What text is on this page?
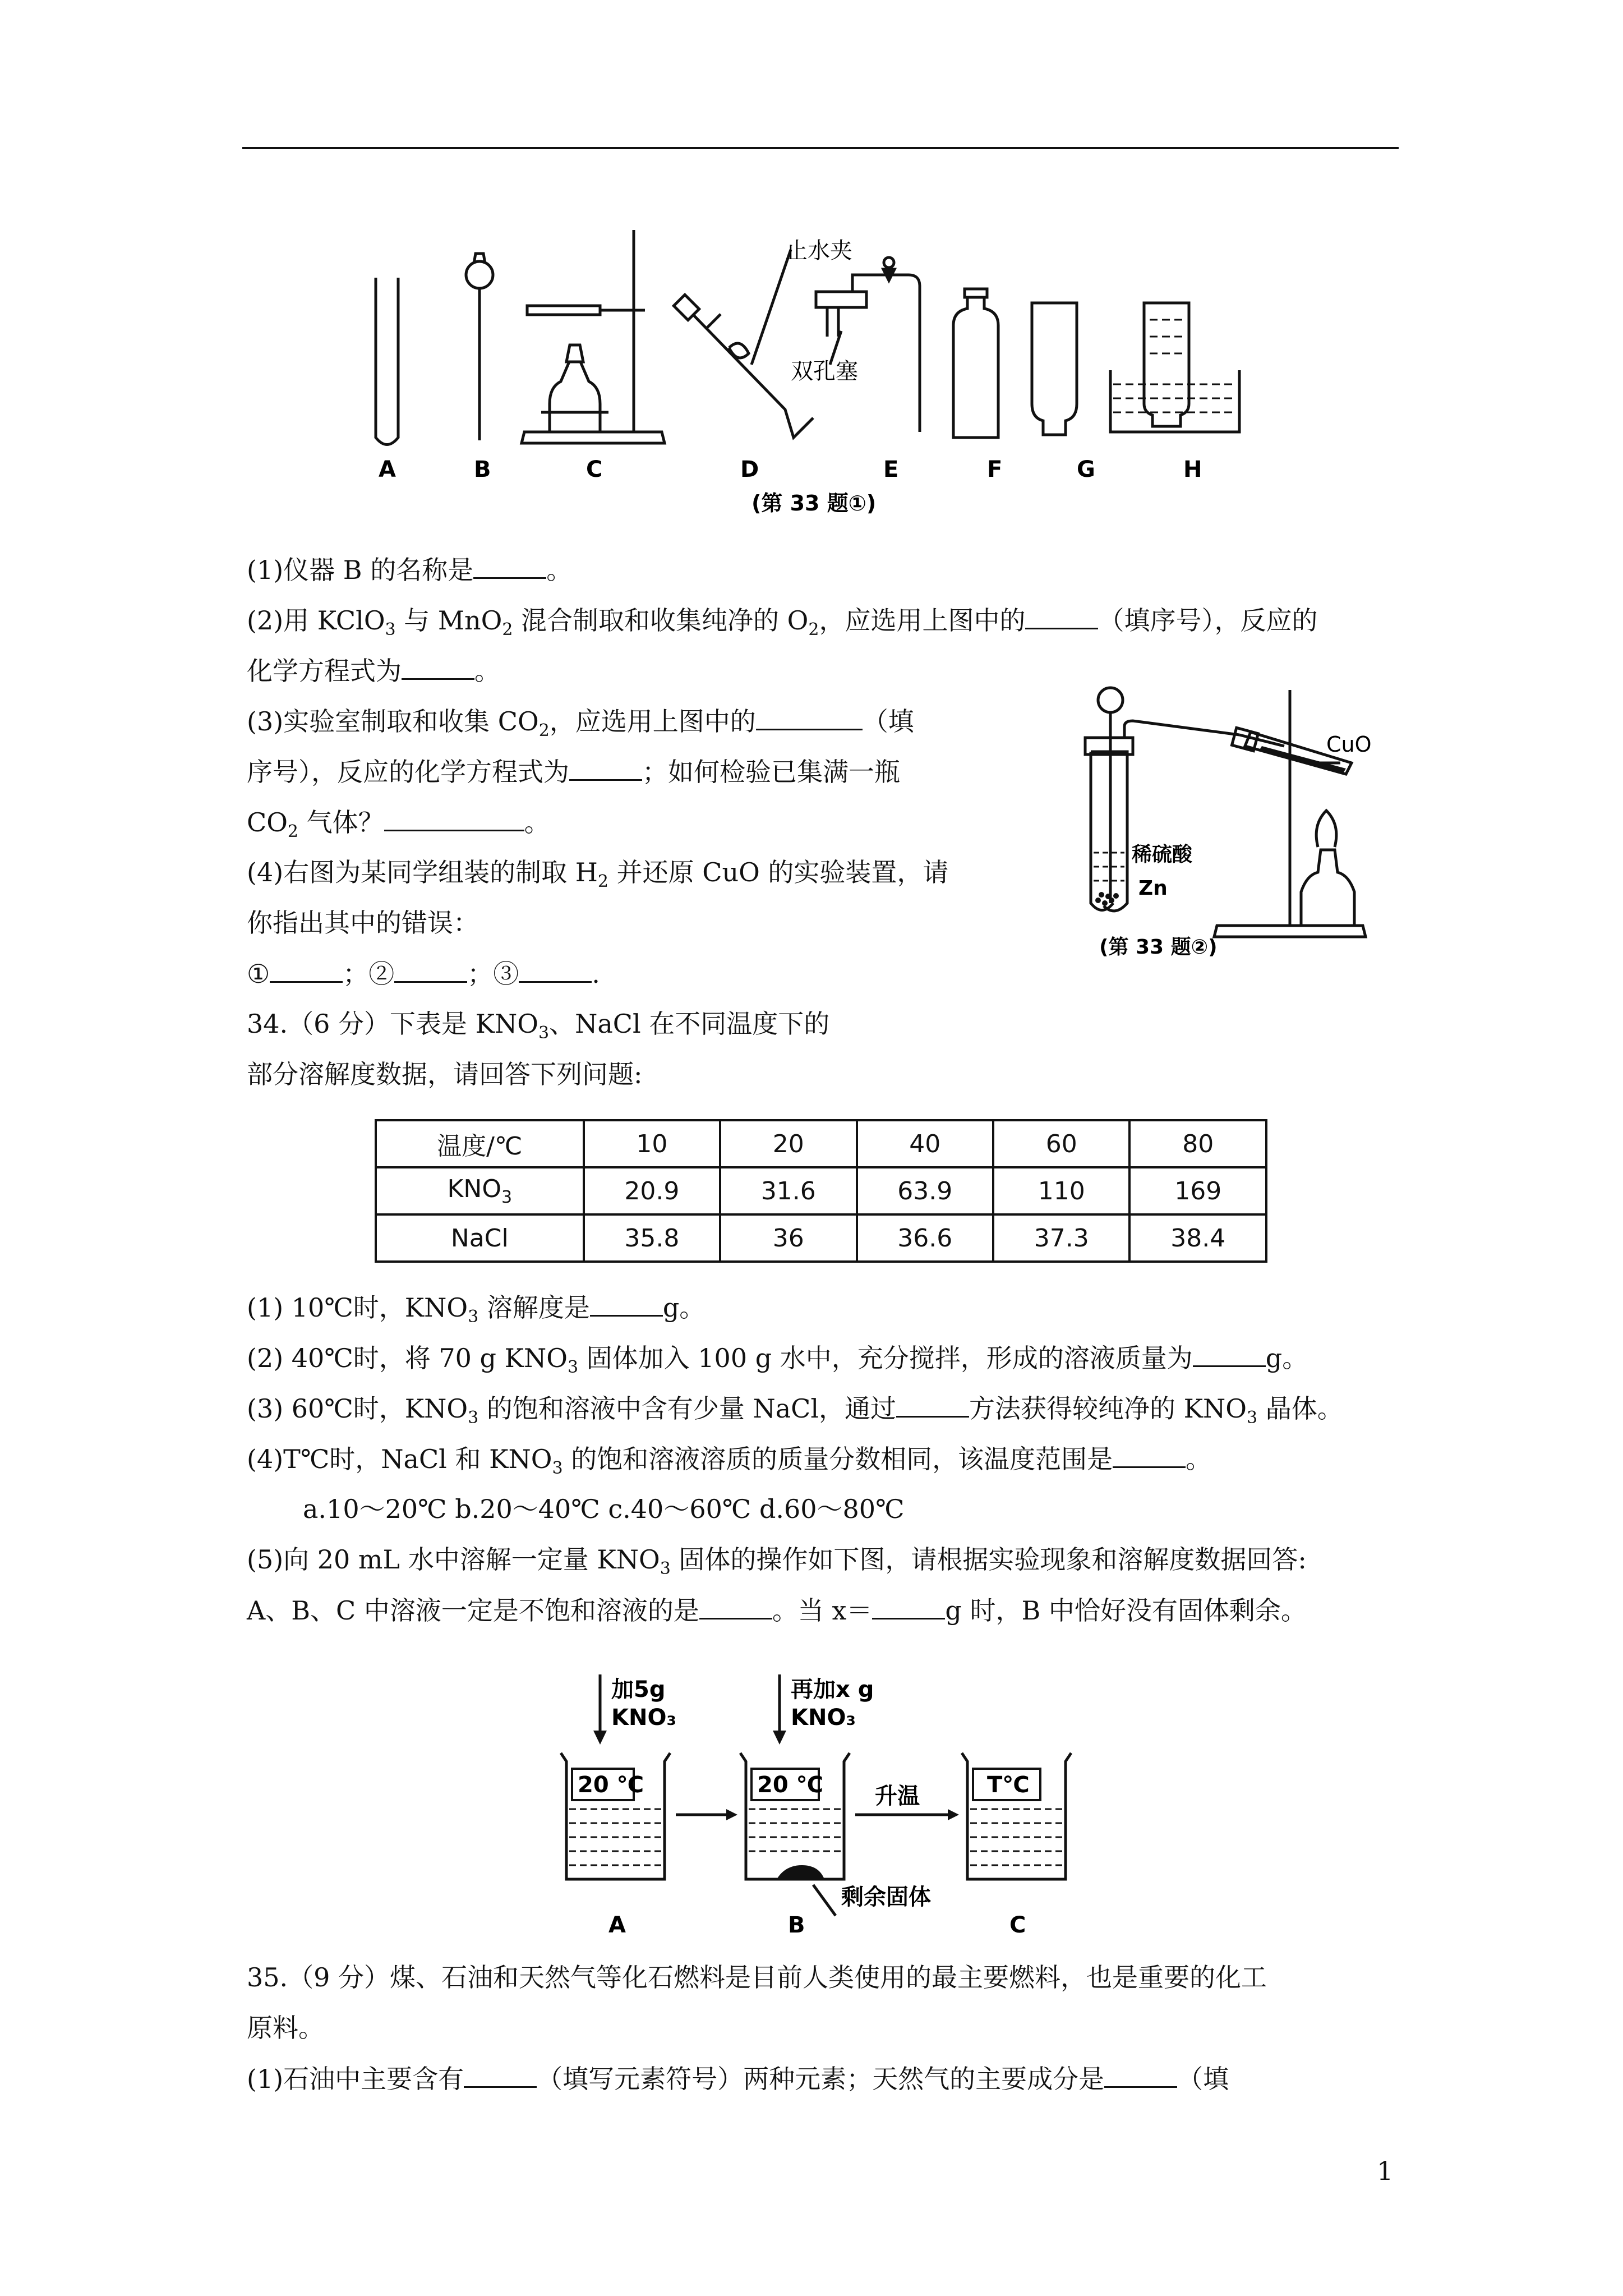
止水夹
双孔塞
A	B	C	D	E	F	G	H
(第 33 题①)
(1)仪器 B 的名称是	。
(2)用 KClO$_3$ 与 MnO$_2$ 混合制取和收集纯净的 $O_2$，应选用上图中的	（填序号），反应的
化学方程式为	。
(3)实验室制取和收集 $CO_2$，应选用上图中的	（填
序号），反应的化学方程式为	；如何检验已集满一瓶
$CO_2$ 气体？	。
(4)右图为某同学组装的制取 $H_2$ 并还原 CuO 的实验装置，请
你指出其中的错误：
①	；②	；③	.
CuO
稀硫酸
Zn
(第 33 题②)
34.（6 分）下表是 $KNO_3$、NaCl 在不同温度下的
部分溶解度数据，请回答下列问题:
温度/℃	10	20	40	60	80
$KNO_3$	20.9	31.6	63.9	110	169
NaCl	35.8	36	36.6	37.3	38.4
(1) 10℃时，$KNO_3$ 溶解度是	g。
(2) 40℃时，将 70 g $KNO_3$ 固体加入 100 g 水中，充分搅拌，形成的溶液质量为	g。
(3) 60℃时，$KNO_3$ 的饱和溶液中含有少量 NaCl，通过	方法获得较纯净的 $KNO_3$ 晶体。
(4)T℃时，NaCl 和 $KNO_3$ 的饱和溶液溶质的质量分数相同，该温度范围是	。
a.10～20℃ b.20～40℃ c.40～60℃ d.60～80℃
(5)向 20 mL 水中溶解一定量 $KNO_3$ 固体的操作如下图，请根据实验现象和溶解度数据回答:
A、B、C 中溶液一定是不饱和溶液的是	。当 x＝	g 时，B 中恰好没有固体剩余。
加5g
KNO₃
再加x g
KNO₃
20 ℃	20 ℃	T℃
升温
剩余固体
A	B	C
35.（9 分）煤、石油和天然气等化石燃料是目前人类使用的最主要燃料，也是重要的化工
原料。
(1)石油中主要含有	（填写元素符号）两种元素；天然气的主要成分是	（填
1
